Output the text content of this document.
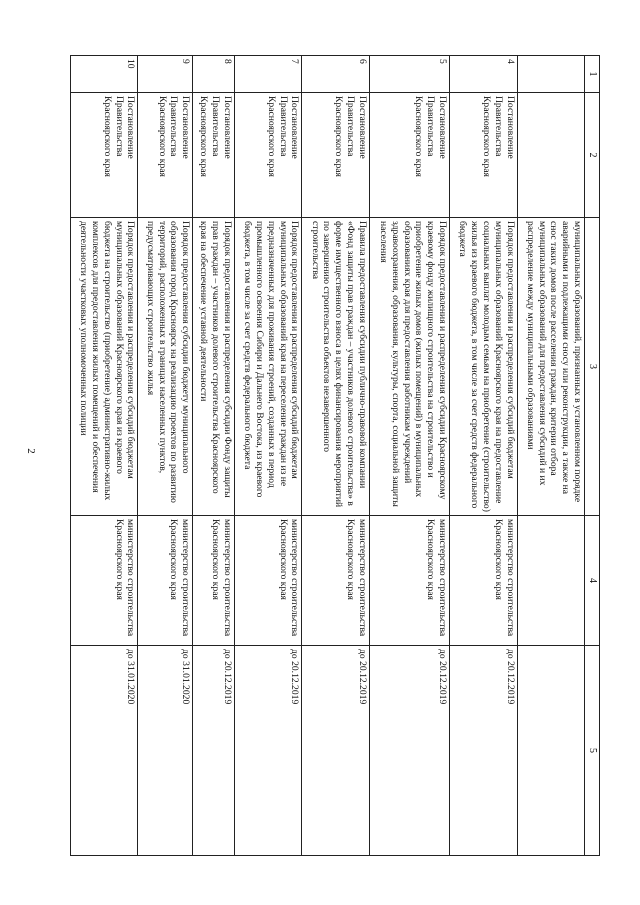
2
1	2	3	4	5
		муниципальных образований, признанных в установленном порядке аварийными и подлежащими сносу или реконструкции, а также на снос таких домов после расселения граждан, критерии отбора муниципальных образований для предоставления субсидий и их распределение между муниципальными образованиями		
4	Постановление Правительства Красноярского края	Порядок предоставления и распределения субсидий бюджетам муниципальных образований Красноярского края на предоставление социальных выплат молодым семьям на приобретение (строительство) жилья из краевого бюджета, в том числе за счет средств федерального бюджета	министерство строительства Красноярского края	до 20.12.2019
5	Постановление Правительства Красноярского края	Порядок предоставления и распределения субсидии Красноярскому краевому фонду жилищного строительства на строительство и приобретение жилых домов (жилых помещений) в муниципальных образованиях края для предоставления работникам учреждений здравоохранения, образования, культуры, спорта, социальной защиты населения	министерство строительства Красноярского края	до 20.12.2019
6	Постановление Правительства Красноярского края	Правила предоставления субсидии публично-правовой компании «Фонд защиты прав граждан – участников долевого строительства» в форме имущественного взноса в целях финансирования мероприятий по завершению строительства объектов незавершенного строительства	министерство строительства Красноярского края	до 20.12.2019
7	Постановление Правительства Красноярского края	Порядок предоставления и распределения субсидий бюджетам муниципальных образований края на переселение граждан из не предназначенных для проживания строений, созданных в период промышленного освоения Сибири и Дальнего Востока, из краевого бюджета, в том числе за счет средств федерального бюджета	министерство строительства Красноярского края	до 20.12.2019
8	Постановление Правительства Красноярского края	Порядок предоставления и распределения субсидии Фонду защиты прав граждан – участников долевого строительства Красноярского края на обеспечение уставной деятельности	министерство строительства Красноярского края	до 20.12.2019
9	Постановление Правительства Красноярского края	Порядок предоставления субсидии бюджету муниципального образования город Красноярск на реализацию проектов по развитию территорий, расположенных в границах населенных пунктов, предусматривающих строительство жилья	министерство строительства Красноярского края	до 31.01.2020
10	Постановление Правительства Красноярского края	Порядок предоставления и распределения субсидий бюджетам муниципальных образований Красноярского края из краевого бюджета на строительство (приобретение) административно-жилых комплексов для предоставления жилых помещений и обеспечения деятельности участковых уполномоченных полиции	министерство строительства Красноярского края	до 31.01.2020
